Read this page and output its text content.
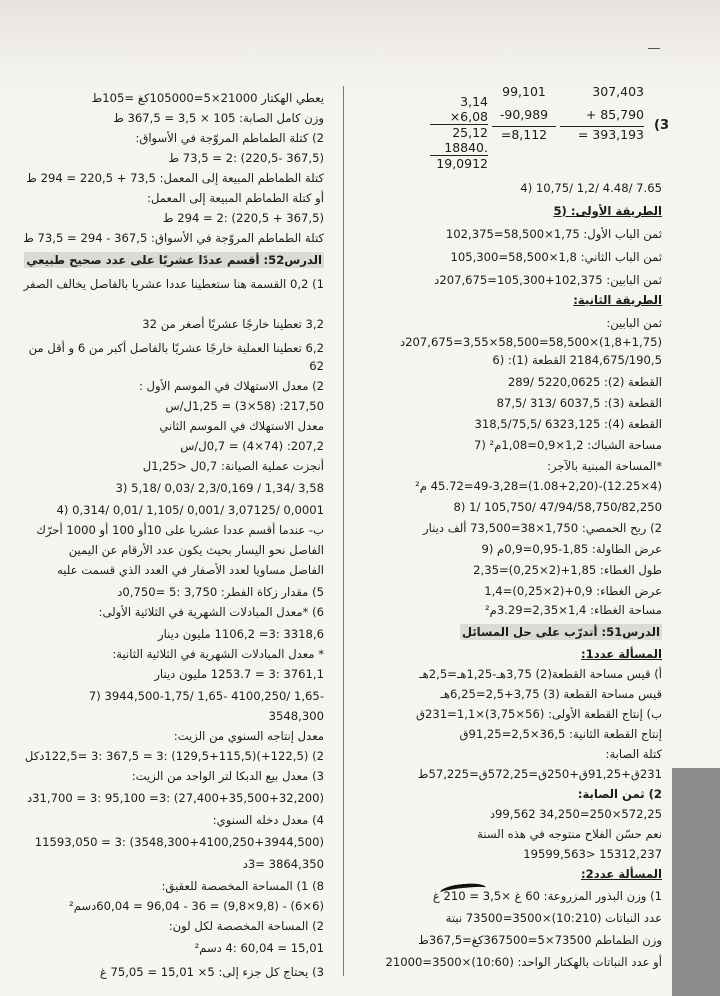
(3
307,403
+ 85,790
= 393,193
99,101
-90,989
=8,112
3,14
×6,08
25,12
18840.
19,0912
7.65 /4.48 /1,2 /10,75 (4
الطريقة الأولى: (5
ثمن الباب الأول: 1,75×58,500=102,375
ثمن الباب الثاني: 1,8×58,500=105,300
ثمن البابين: 102,375+105,300=207,675د
الطريقة الثانية:
ثمن البابين:
(1,8+1,75)×58,500=58,500×3,55=207,675د
2184,675/190,5 القطعة (1): (6
القطعة (2): 5220,0625 /289
القطعة (3): 6037,5 /313 /87,5
القطعة (4): 6323,125 /318,5/75,5
مساحة الشباك: 1,2×0,9=1,08م² (7
*المساحة المبنية بالآجر:
(4×12.25)-(1.08+2,20)=49-3,28=45.72 م²
47/94/58,750/82,250 /105,750 /1 (8
2) ربح الحمصي: 1,750×38=73,500 ألف دينار
عرض الطاولة: 1,85-0,95=0,9م (9
طول الغطاء: 1,85+(2×0,25)=2,35
عرض الغطاء: 0,9+(2×0,25)=1,4
مساحة الغطاء: 1,4×2,35=3.29م²
الدرس51: أتدرّب على حل المسائل
المسألة عدد1:
أ) قيس مساحة القطعة(2) 3,75هـ-1,25هـ=2,5هـ
قيس مساحة القطعة (3) 3,75+2,5=6,25هـ
ب) إنتاج القطعة الأولى: (56×3,75)×1,1=231ق
إنتاج القطعة الثانية: 36,5×2,5=91,25ق
كتلة الصابة:
231ق+91,25ق+250ق=572,25ق=57,225ط
2) ثمن الصابة:
572,25×250=34,250 99,562د
نعم حسّن الفلاح منتوجه في هذه السنة
15312,237 <19599,563
المسألة عدد2:
1) وزن البذور المزروعة: 60 غ ×3,5 = 210 غ
عدد النباتات (10:210)×3500=73500 نبتة
وزن الطماطم 73500×5=367500كغ=367,5ط
أو عدد النباتات بالهكتار الواحد: (10:60)×3500=21000
يعطي الهكتار 21000×5=105000كغ =105ط
وزن كامل الصابة: 105 × 3,5 = 367,5 ط
2) كتلة الطماطم المروّجة في الأسواق:
(367,5 -220,5) :2 = 73,5 ط
كتلة الطماطم المبيعة إلى المعمل: 73,5 + 220,5 = 294 ط
أو كتلة الطماطم المبيعة إلى المعمل:
(367,5 + 220,5) :2 = 294 ط
كتلة الطماطم المروّجة في الأسواق: 367,5 - 294 = 73,5 ط
الدرس52: أقسم عددًا عشريًا على عدد صحيح طبيعي
1) 0,2 القسمة هنا ستعطينا عددا عشريا بالفاصل يخالف الصفر
3,2 تعطينا خارجًا عشريًا أصغر من 32
6,2 تعطينا العملية خارجًا عشريًا بالفاصل أكبر من 6 و أقل من
62
2) معدل الاستهلاك في الموسم الأول :
217,50: (58×3) = 1,25ل/س
معدل الاستهلاك في الموسم الثاني
207,2: (74×4) = 0,7ل/س
أنجزت عملية الصيانة: 0,7ل <1,25ل
3,58 /1,34 / 2,3/0,169 /0,03 /5,18 (3
0,0001 /3,07125 /0,001 /1,105 /0,01 /0,314 (4
ب- عندما أقسم عددا عشريا على 10أو 100 أو 1000 أحرّك
الفاصل نحو اليسار بحيث يكون عدد الأرقام عن اليمين
الفاصل مساويا لعدد الأصفار في العدد الذي قسمت عليه
5) مقدار زكاة الفطر: 3,750 :5 =0,750د
6) *معدل المبادلات الشهرية في الثلاثية الأولى:
3318,6 :3= 1106,2 مليون دينار
* معدل المبادلات الشهرية في الثلاثية الثانية:
3761,1 :3 = 1253.7 مليون دينار
-1,65 /4100,250 -1,65 /3944,500-1,75 (7
3548,300
معدل إنتاجه السنوي من الزيت:
2) (122,5+)(129,5+115,5) :3 = 367,5 :3 =122,5دكل
3) معدل بيع الدبكا لتر الواحد من الزيت:
(27,400+35,500+32,200) :3= 95,100 :3 = 31,700د
4) معدل دخله السنوي:
(3548,300+4100,250+3944,500) :3 = 11593,050
3864,350 =3د
8) 1) المساحة المخصصة للعقيق:
(6×6) - (9,8×9,8) = 36 - 96,04 = 60,04دسم²
2) المساحة المخصصة لكل لون:
15,01 = 60,04 :4 دسم²
3) يحتاج كل جزء إلى: 5× 15,01 = 75,05 غ
